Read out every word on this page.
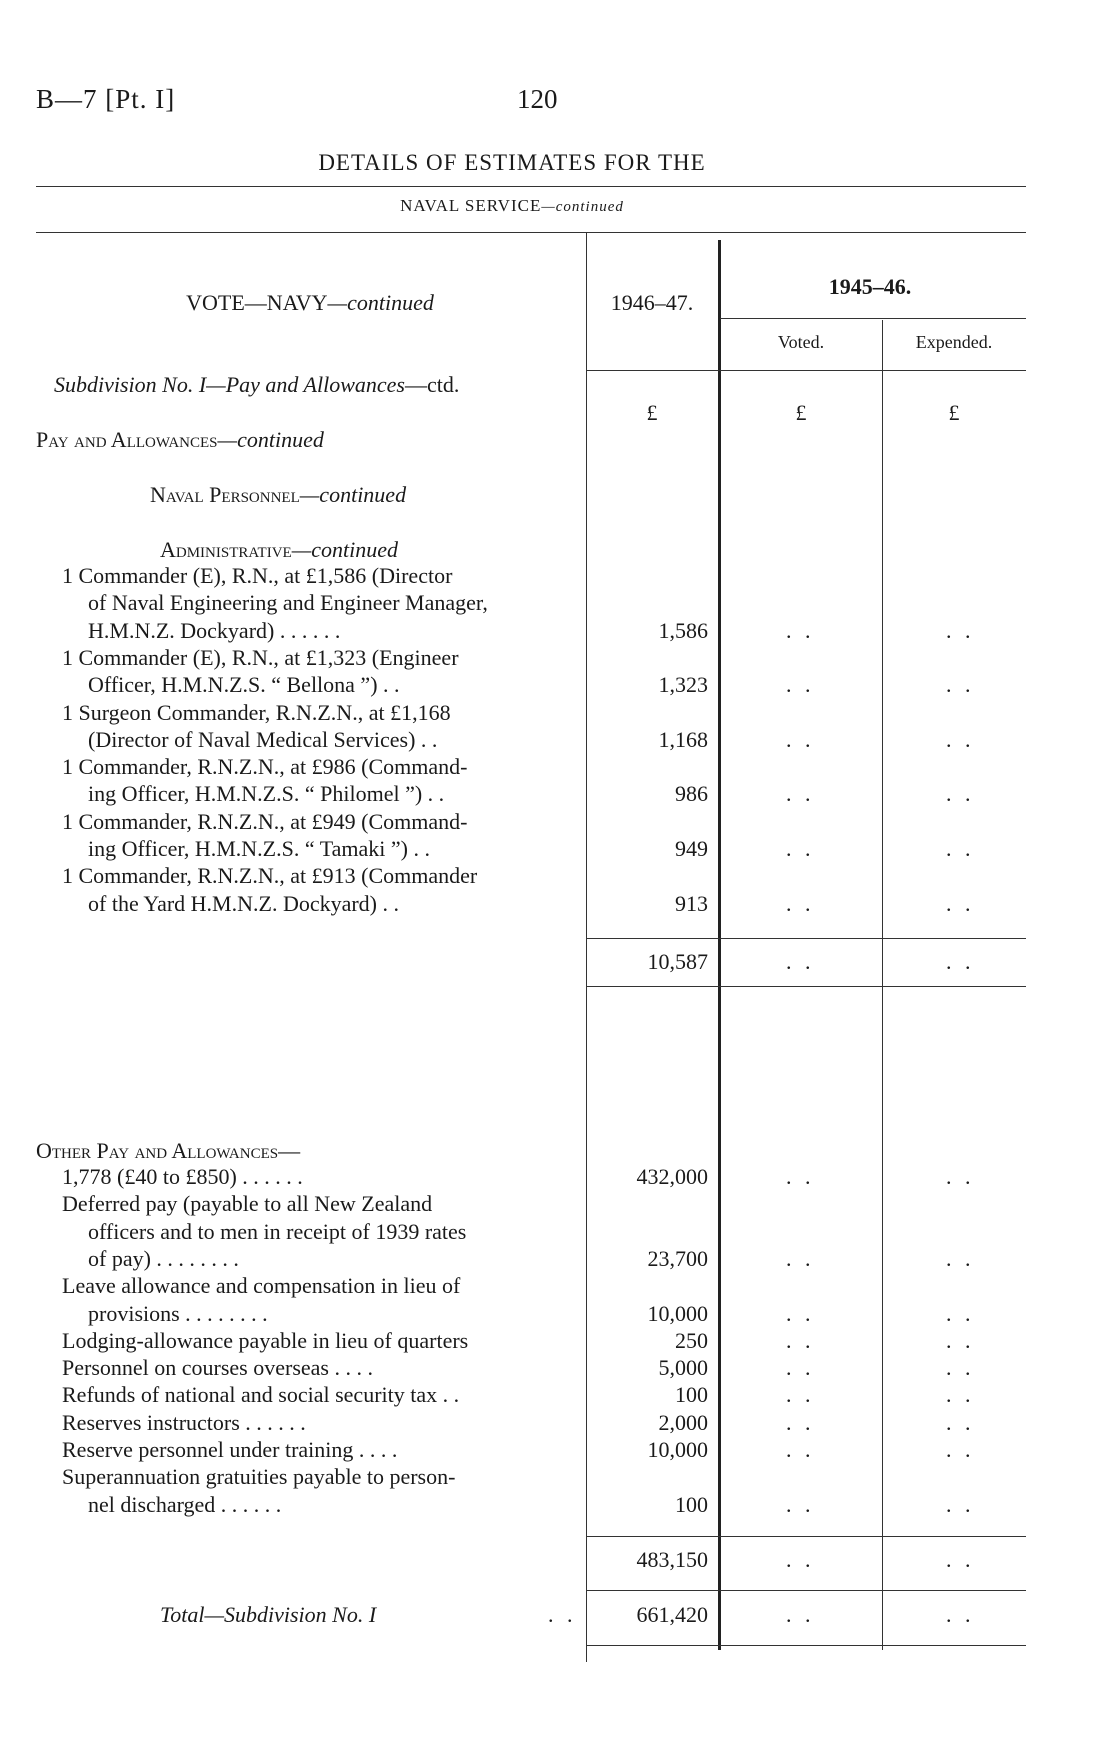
B—7 [Pt. I]	120
DETAILS OF ESTIMATES FOR THE
NAVAL SERVICE—continued
VOTE—NAVY—continued	1946–47.
1945–46.
Voted.	Expended.
£	£	£
Subdivision No. I—Pay and Allowances—ctd.
Pay and Allowances—continued
Naval Personnel—continued
Administrative—continued
1 Commander (E), R.N., at £1,586 (Director
of Naval Engineering and Engineer Manager,
H.M.N.Z. Dockyard) . . . . . .	1,586	. .	. .
1 Commander (E), R.N., at £1,323 (Engineer
Officer, H.M.N.Z.S. “ Bellona ”) . .	1,323	. .	. .
1 Surgeon Commander, R.N.Z.N., at £1,168
(Director of Naval Medical Services) . .	1,168	. .	. .
1 Commander, R.N.Z.N., at £986 (Command-
ing Officer, H.M.N.Z.S. “ Philomel ”) . .	986	. .	. .
1 Commander, R.N.Z.N., at £949 (Command-
ing Officer, H.M.N.Z.S. “ Tamaki ”) . .	949	. .	. .
1 Commander, R.N.Z.N., at £913 (Commander
of the Yard H.M.N.Z. Dockyard) . .	913	. .	. .
10,587	. .	. .
Other Pay and Allowances—
1,778 (£40 to £850) . . . . . .	432,000	. .	. .
Deferred pay (payable to all New Zealand
officers and to men in receipt of 1939 rates
of pay) . . . . . . . .	23,700	. .	. .
Leave allowance and compensation in lieu of
provisions . . . . . . . .	10,000	. .	. .
Lodging-allowance payable in lieu of quarters	250	. .	. .
Personnel on courses overseas . . . .	5,000	. .	. .
Refunds of national and social security tax . .	100	. .	. .
Reserves instructors . . . . . .	2,000	. .	. .
Reserve personnel under training . . . .	10,000	. .	. .
Superannuation gratuities payable to person-
nel discharged . . . . . .	100	. .	. .
483,150	. .	. .
Total—Subdivision No. I	. .	661,420	. .	. .
